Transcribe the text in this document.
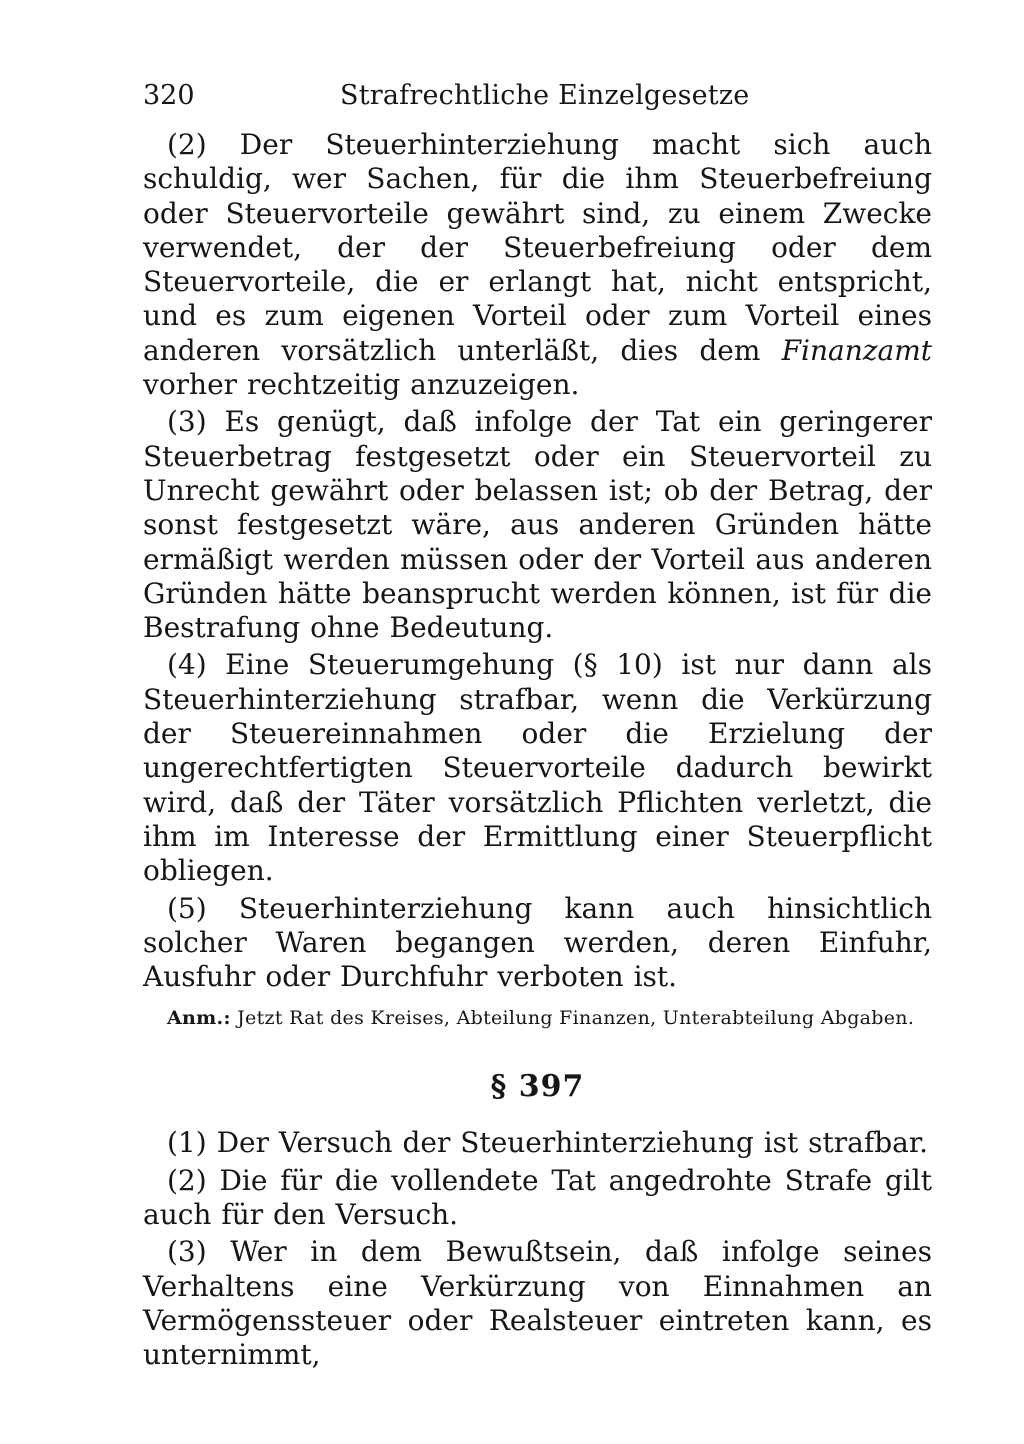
320	Strafrechtliche Einzelgesetze

(2) Der Steuerhinterziehung macht sich auch schuldig, wer Sachen, für die ihm Steuerbefreiung oder Steuervorteile gewährt sind, zu einem Zwecke verwendet, der der Steuerbefreiung oder dem Steuervorteile, die er erlangt hat, nicht entspricht, und es zum eigenen Vorteil oder zum Vorteil eines anderen vorsätzlich unterläßt, dies dem Finanzamt vorher rechtzeitig anzuzeigen.

(3) Es genügt, daß infolge der Tat ein geringerer Steuerbetrag festgesetzt oder ein Steuervorteil zu Unrecht gewährt oder belassen ist; ob der Betrag, der sonst festgesetzt wäre, aus anderen Gründen hätte ermäßigt werden müssen oder der Vorteil aus anderen Gründen hätte beansprucht werden können, ist für die Bestrafung ohne Bedeutung.

(4) Eine Steuerumgehung (§ 10) ist nur dann als Steuerhinterziehung strafbar, wenn die Verkürzung der Steuereinnahmen oder die Erzielung der ungerechtfertigten Steuervorteile dadurch bewirkt wird, daß der Täter vorsätzlich Pflichten verletzt, die ihm im Interesse der Ermittlung einer Steuerpflicht obliegen.

(5) Steuerhinterziehung kann auch hinsichtlich solcher Waren begangen werden, deren Einfuhr, Ausfuhr oder Durchfuhr verboten ist.

Anm.: Jetzt Rat des Kreises, Abteilung Finanzen, Unterabteilung Abgaben.

§ 397

(1) Der Versuch der Steuerhinterziehung ist strafbar.

(2) Die für die vollendete Tat angedrohte Strafe gilt auch für den Versuch.

(3) Wer in dem Bewußtsein, daß infolge seines Verhaltens eine Verkürzung von Einnahmen an Vermögenssteuer oder Realsteuer eintreten kann, es unternimmt,
